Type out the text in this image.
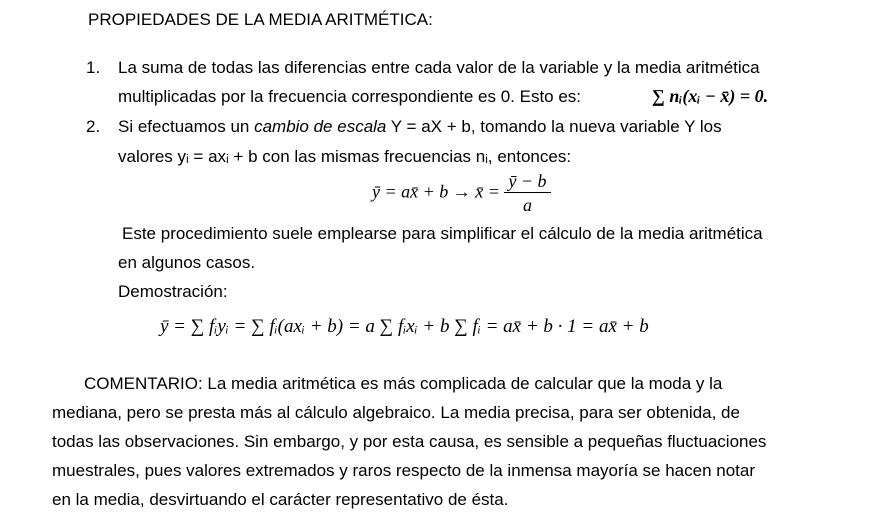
PROPIEDADES DE LA MEDIA ARITMÉTICA:
1. La suma de todas las diferencias entre cada valor de la variable y la media aritmética
multiplicadas por la frecuencia correspondiente es 0. Esto es:	∑ nᵢ(xᵢ − x̄) = 0.
2. Si efectuamos un cambio de escala Y = aX + b, tomando la nueva variable Y los
valores yᵢ = axᵢ + b con las mismas frecuencias nᵢ, entonces:
ȳ = ax̄ + b → x̄ = $\frac{ȳ - b}{a}$
Este procedimiento suele emplearse para simplificar el cálculo de la media aritmética
en algunos casos.
Demostración:
ȳ = ∑ fᵢyᵢ = ∑ fᵢ(axᵢ + b) = a ∑ fᵢxᵢ + b ∑ fᵢ = ax̄ + b · 1 = ax̄ + b
COMENTARIO: La media aritmética es más complicada de calcular que la moda y la
mediana, pero se presta más al cálculo algebraico. La media precisa, para ser obtenida, de
todas las observaciones. Sin embargo, y por esta causa, es sensible a pequeñas fluctuaciones
muestrales, pues valores extremados y raros respecto de la inmensa mayoría se hacen notar
en la media, desvirtuando el carácter representativo de ésta.
